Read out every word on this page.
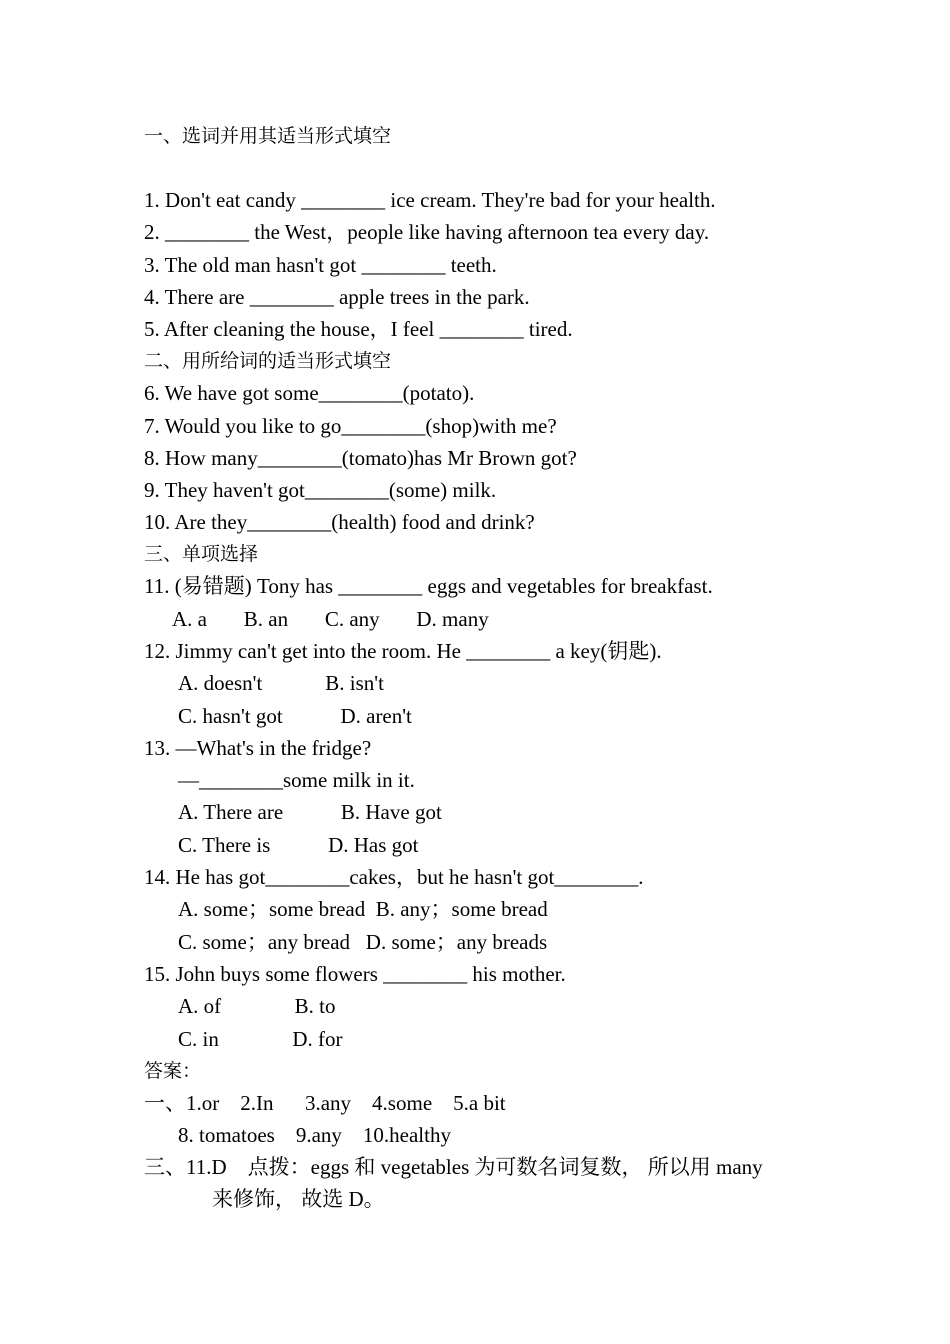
一、选词并用其适当形式填空
1. Don't eat candy ________ ice cream. They're bad for your health.
2. ________ the West，people like having afternoon tea every day.
3. The old man hasn't got ________ teeth.
4. There are ________ apple trees in the park.
5. After cleaning the house，I feel ________ tired.
二、用所给词的适当形式填空
6. We have got some________(potato).
7. Would you like to go________(shop)with me?
8. How many________(tomato)has Mr Brown got?
9. They haven't got________(some) milk.
10. Are they________(health) food and drink?
三、单项选择
11. (易错题) Tony has ________ eggs and vegetables for breakfast.
A. a       B. an       C. any       D. many
12. Jimmy can't get into the room. He ________ a key(钥匙).
A. doesn't            B. isn't
C. hasn't got           D. aren't
13. —What's in the fridge?
—________some milk in it.
A. There are           B. Have got
C. There is           D. Has got
14. He has got________cakes，but he hasn't got________.
A. some；some bread  B. any；some bread
C. some；any bread   D. some；any breads
15. John buys some flowers ________ his mother.
A. of              B. to
C. in              D. for
答案：
一、1.or    2.In      3.any    4.some    5.a bit
8. tomatoes    9.any    10.healthy
三、11.D    点拨：eggs 和 vegetables 为可数名词复数， 所以用 many
来修饰， 故选 D。
